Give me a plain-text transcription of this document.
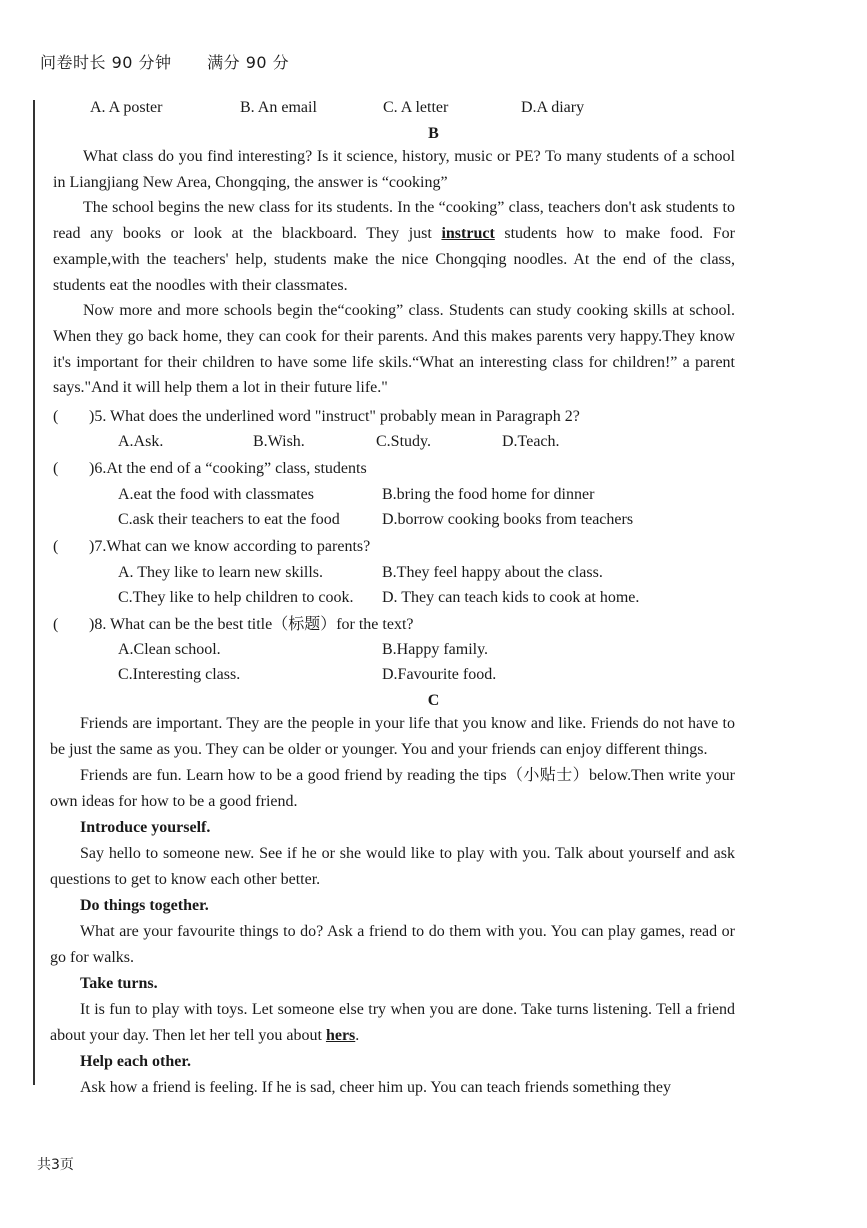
问卷时长 90 分钟 满分 90 分
A. A poster	B. An email	C. A letter	D.A diary
B

What class do you find interesting? Is it science, history, music or PE? To many students of a school in Liangjiang New Area, Chongqing, the answer is “cooking”

The school begins the new class for its students. In the “cooking” class, teachers don't ask students to read any books or look at the blackboard. They just instruct students how to make food. For example,with the teachers' help, students make the nice Chongqing noodles. At the end of the class, students eat the noodles with their classmates.

Now more and more schools begin the“cooking” class. Students can study cooking skills at school. When they go back home, they can cook for their parents. And this makes parents very happy.They know it's important for their children to have some life skils.“What an interesting class for children!” a parent says."And it will help them a lot in their future life."

( )5. What does the underlined word "instruct" probably mean in Paragraph 2?
A.Ask.	B.Wish.	C.Study.	D.Teach.
( )6.At the end of a “cooking” class, students
A.eat the food with classmates	B.bring the food home for dinner
C.ask their teachers to eat the food	D.borrow cooking books from teachers
( )7.What can we know according to parents?
A. They like to learn new skills.	B.They feel happy about the class.
C.They like to help children to cook. D. They can teach kids to cook at home.
( )8. What can be the best title（标题）for the text?
A.Clean school.	B.Happy family.
C.Interesting class.	D.Favourite food.
C

Friends are important. They are the people in your life that you know and like. Friends do not have to be just the same as you. They can be older or younger. You and your friends can enjoy different things.

Friends are fun. Learn how to be a good friend by reading the tips（小贴士）below.Then write your own ideas for how to be a good friend.

Introduce yourself.

Say hello to someone new. See if he or she would like to play with you. Talk about yourself and ask questions to get to know each other better.

Do things together.

What are your favourite things to do? Ask a friend to do them with you. You can play games, read or go for walks.

Take turns.

It is fun to play with toys. Let someone else try when you are done. Take turns listening. Tell a friend about your day. Then let her tell you about hers.

Help each other.

Ask how a friend is feeling. If he is sad, cheer him up. You can teach friends something they

共3页
